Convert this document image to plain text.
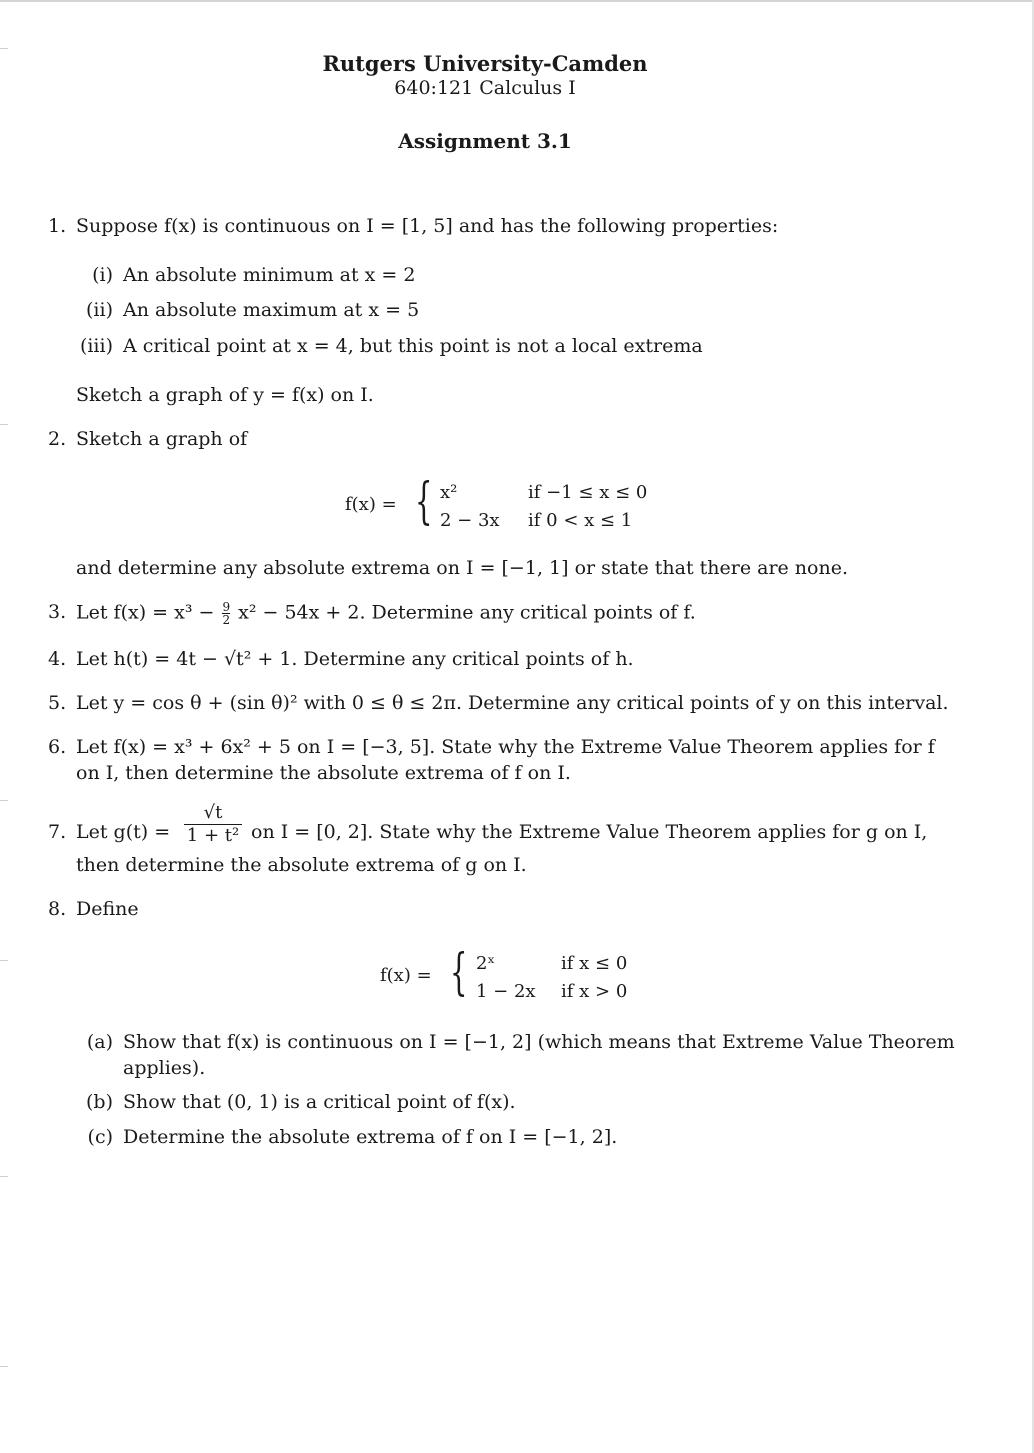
Rutgers University-Camden
640:121 Calculus I
Assignment 3.1
1. Suppose f(x) is continuous on I = [1, 5] and has the following properties:
(i) An absolute minimum at x = 2
(ii) An absolute maximum at x = 5
(iii) A critical point at x = 4, but this point is not a local extrema
Sketch a graph of y = f(x) on I.
2. Sketch a graph of
f(x) = { x²	if −1 ≤ x ≤ 0
2 − 3x if 0 < x ≤ 1
and determine any absolute extrema on I = [−1, 1] or state that there are none.
3. Let $f(x) = x^3 - \frac{9}{2} x^2 - 54x + 2$. Determine any critical points of f.
4. Let h(t) = 4t − √t² + 1. Determine any critical points of h.
5. Let y = cos θ + (sin θ)² with 0 ≤ θ ≤ 2π. Determine any critical points of y on this interval.
6. Let f(x) = x³ + 6x² + 5 on I = [−3, 5]. State why the Extreme Value Theorem applies for f
on I, then determine the absolute extrema of f on I.
7. Let g(t) =
√t
1 + t² on I = [0, 2]. State why the Extreme Value Theorem applies for g on I,
then determine the absolute extrema of g on I.
8. Define
f(x) = { 2ˣ	if x ≤ 0
1 − 2x if x > 0
(a) Show that f(x) is continuous on I = [−1, 2] (which means that Extreme Value Theorem
applies).
(b) Show that (0, 1) is a critical point of f(x).
(c) Determine the absolute extrema of f on I = [−1, 2].
